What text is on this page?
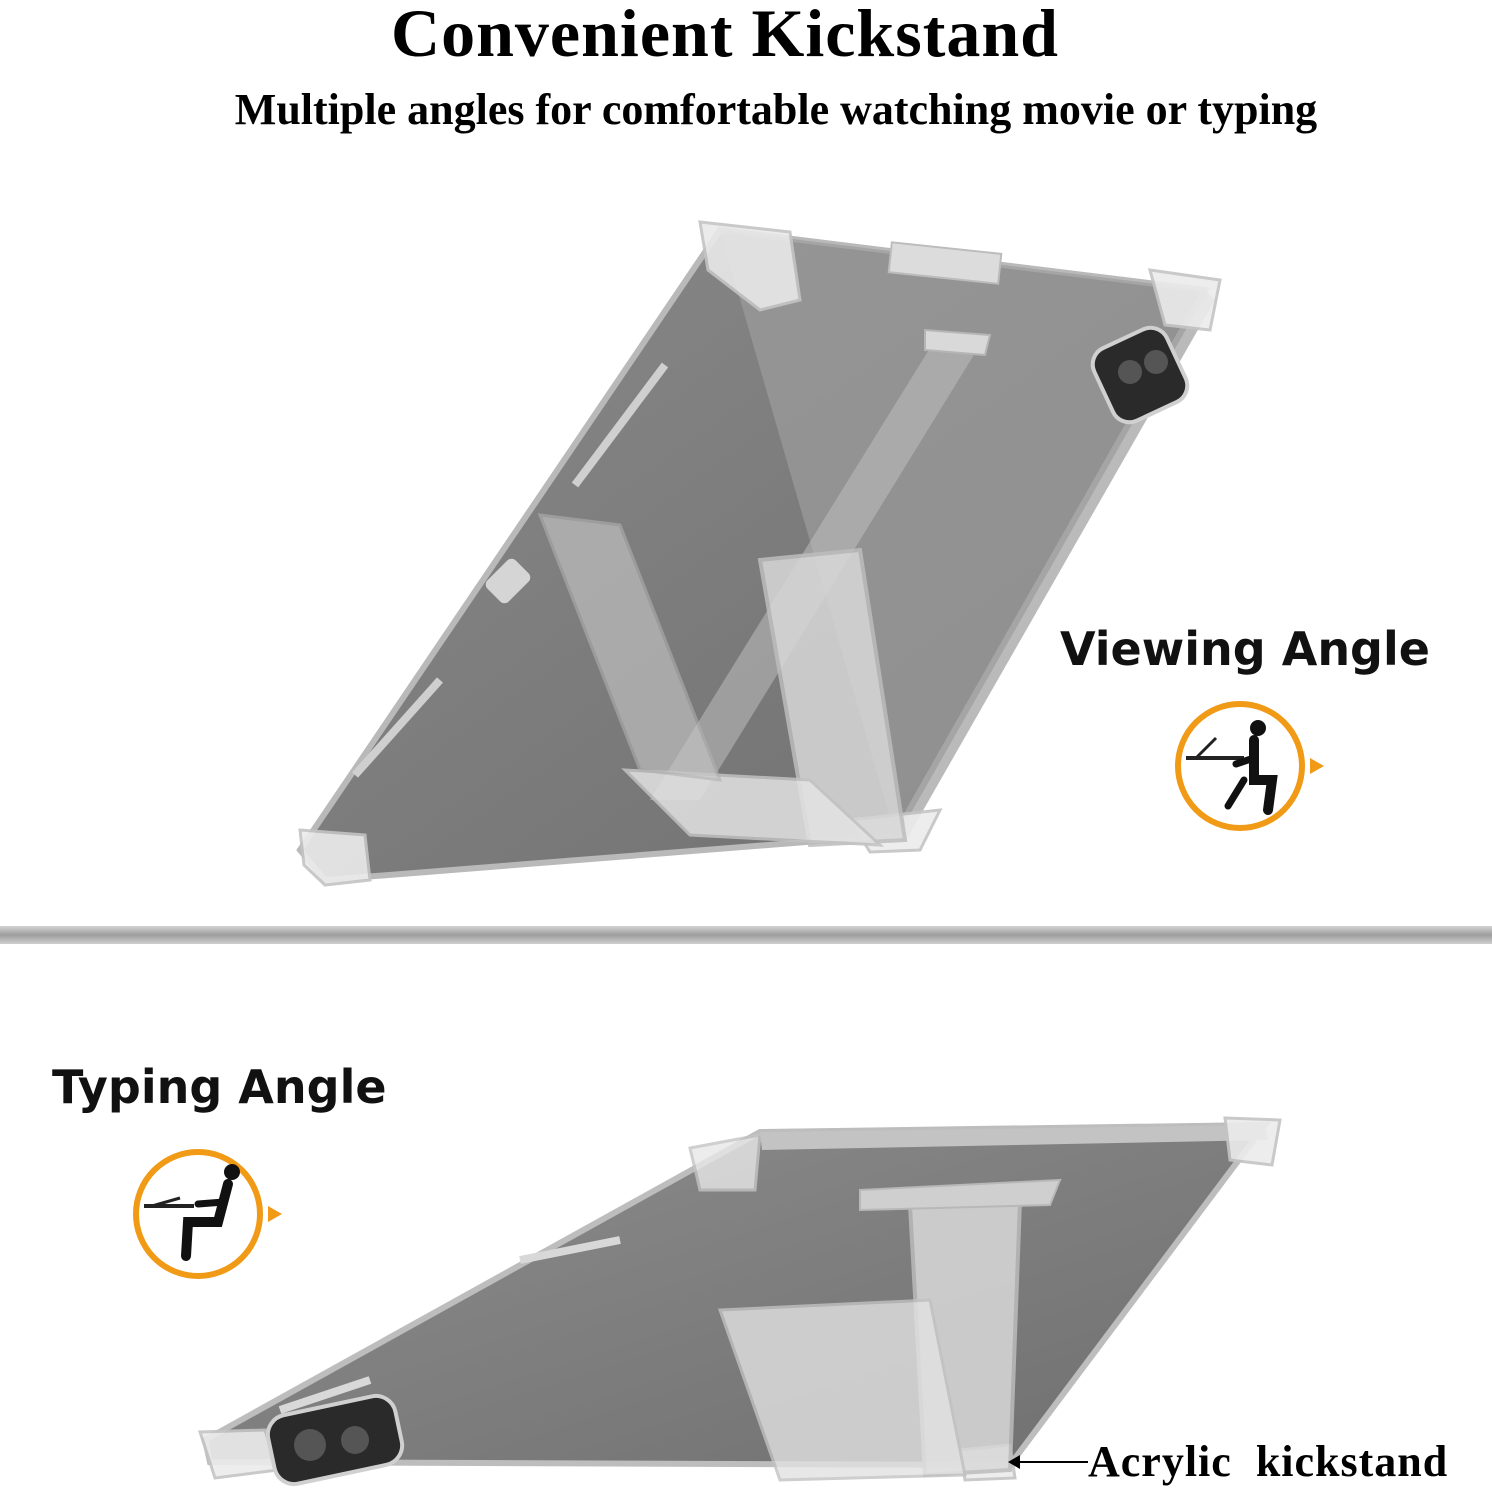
Convenient Kickstand
Multiple angles for comfortable watching movie or typing
Viewing Angle
Typing Angle
Acrylic  kickstand
